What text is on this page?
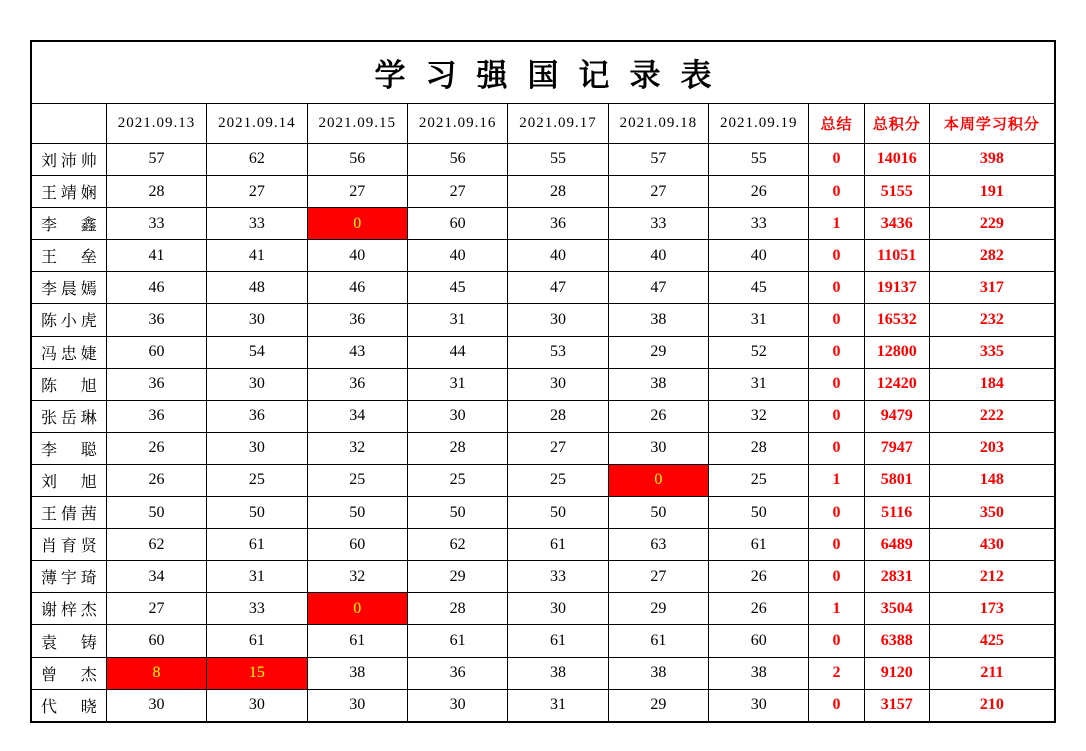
学习强国记录表										
	2021.09.13	2021.09.14	2021.09.15	2021.09.16	2021.09.17	2021.09.18	2021.09.19	总结	总积分	本周学习积分
刘沛帅	57	62	56	56	55	57	55	0	14016	398
王靖娴	28	27	27	27	28	27	26	0	5155	191
李鑫	33	33	0	60	36	33	33	1	3436	229
王垒	41	41	40	40	40	40	40	0	11051	282
李晨嫣	46	48	46	45	47	47	45	0	19137	317
陈小虎	36	30	36	31	30	38	31	0	16532	232
冯忠婕	60	54	43	44	53	29	52	0	12800	335
陈旭	36	30	36	31	30	38	31	0	12420	184
张岳琳	36	36	34	30	28	26	32	0	9479	222
李聪	26	30	32	28	27	30	28	0	7947	203
刘旭	26	25	25	25	25	0	25	1	5801	148
王倩茜	50	50	50	50	50	50	50	0	5116	350
肖育贤	62	61	60	62	61	63	61	0	6489	430
薄宇琦	34	31	32	29	33	27	26	0	2831	212
谢梓杰	27	33	0	28	30	29	26	1	3504	173
袁铸	60	61	61	61	61	61	60	0	6388	425
曾杰	8	15	38	36	38	38	38	2	9120	211
代晓	30	30	30	30	31	29	30	0	3157	210
